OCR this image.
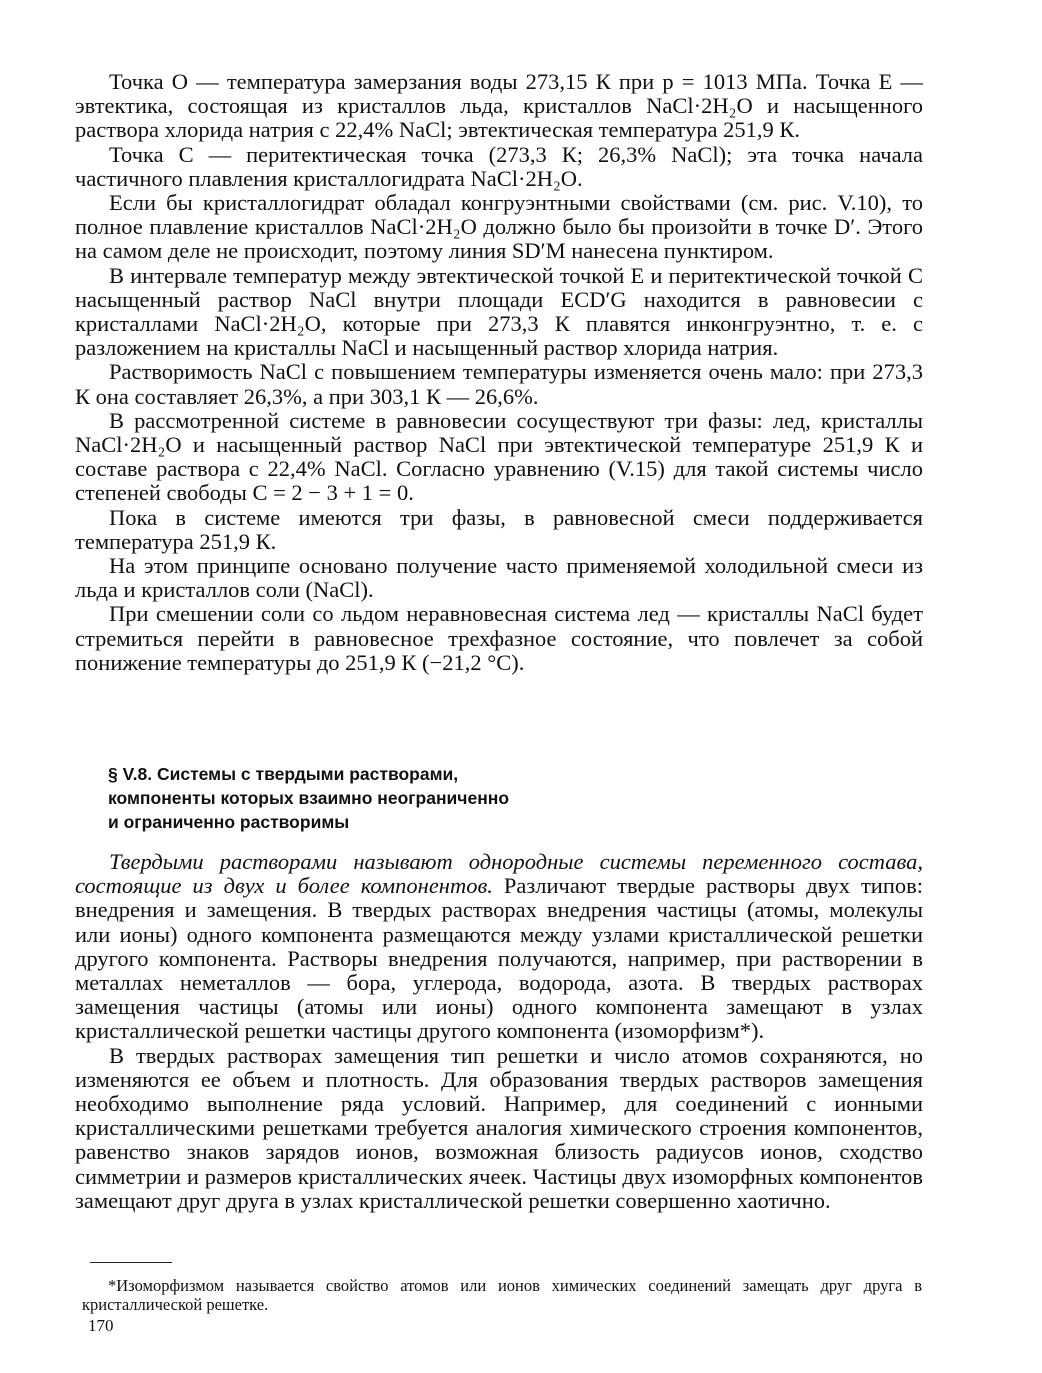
Точка O — температура замерзания воды 273,15 К при p = 1013 МПа. Точка E — эвтектика, состоящая из кристаллов льда, кристаллов NaCl·2H₂O и насыщенного раствора хлорида натрия с 22,4% NaCl; эвтектическая температура 251,9 К.

Точка C — перитектическая точка (273,3 К; 26,3% NaCl); эта точка начала частичного плавления кристаллогидрата NaCl·2H₂O.

Если бы кристаллогидрат обладал конгруэнтными свойствами (см. рис. V.10), то полное плавление кристаллов NaCl·2H₂O должно было бы произойти в точке D′. Этого на самом деле не происходит, поэтому линия SD′M нанесена пунктиром.

В интервале температур между эвтектической точкой E и перитектической точкой C насыщенный раствор NaCl внутри площади ECD′G находится в равновесии с кристаллами NaCl·2H₂O, которые при 273,3 К плавятся инконгруэнтно, т. е. с разложением на кристаллы NaCl и насыщенный раствор хлорида натрия.

Растворимость NaCl с повышением температуры изменяется очень мало: при 273,3 К она составляет 26,3%, а при 303,1 К — 26,6%.

В рассмотренной системе в равновесии сосуществуют три фазы: лед, кристаллы NaCl·2H₂O и насыщенный раствор NaCl при эвтектической температуре 251,9 К и составе раствора с 22,4% NaCl. Согласно уравнению (V.15) для такой системы число степеней свободы C = 2 − 3 + 1 = 0.

Пока в системе имеются три фазы, в равновесной смеси поддерживается температура 251,9 К.

На этом принципе основано получение часто применяемой холодильной смеси из льда и кристаллов соли (NaCl).

При смешении соли со льдом неравновесная система лед — кристаллы NaCl будет стремиться перейти в равновесное трехфазное состояние, что повлечет за собой понижение температуры до 251,9 К (−21,2 °С).

§ V.8. Системы с твердыми растворами,
компоненты которых взаимно неограниченно
и ограниченно растворимы

Твердыми растворами называют однородные системы переменного состава, состоящие из двух и более компонентов. Различают твердые растворы двух типов: внедрения и замещения. В твердых растворах внедрения частицы (атомы, молекулы или ионы) одного компонента размещаются между узлами кристаллической решетки другого компонента. Растворы внедрения получаются, например, при растворении в металлах неметаллов — бора, углерода, водорода, азота. В твердых растворах замещения частицы (атомы или ионы) одного компонента замещают в узлах кристаллической решетки частицы другого компонента (изоморфизм*).

В твердых растворах замещения тип решетки и число атомов сохраняются, но изменяются ее объем и плотность. Для образования твердых растворов замещения необходимо выполнение ряда условий. Например, для соединений с ионными кристаллическими решетками требуется аналогия химического строения компонентов, равенство знаков зарядов ионов, возможная близость радиусов ионов, сходство симметрии и размеров кристаллических ячеек. Частицы двух изоморфных компонентов замещают друг друга в узлах кристаллической решетки совершенно хаотично.

*Изоморфизмом называется свойство атомов или ионов химических соединений замещать друг друга в кристаллической решетке.

170
